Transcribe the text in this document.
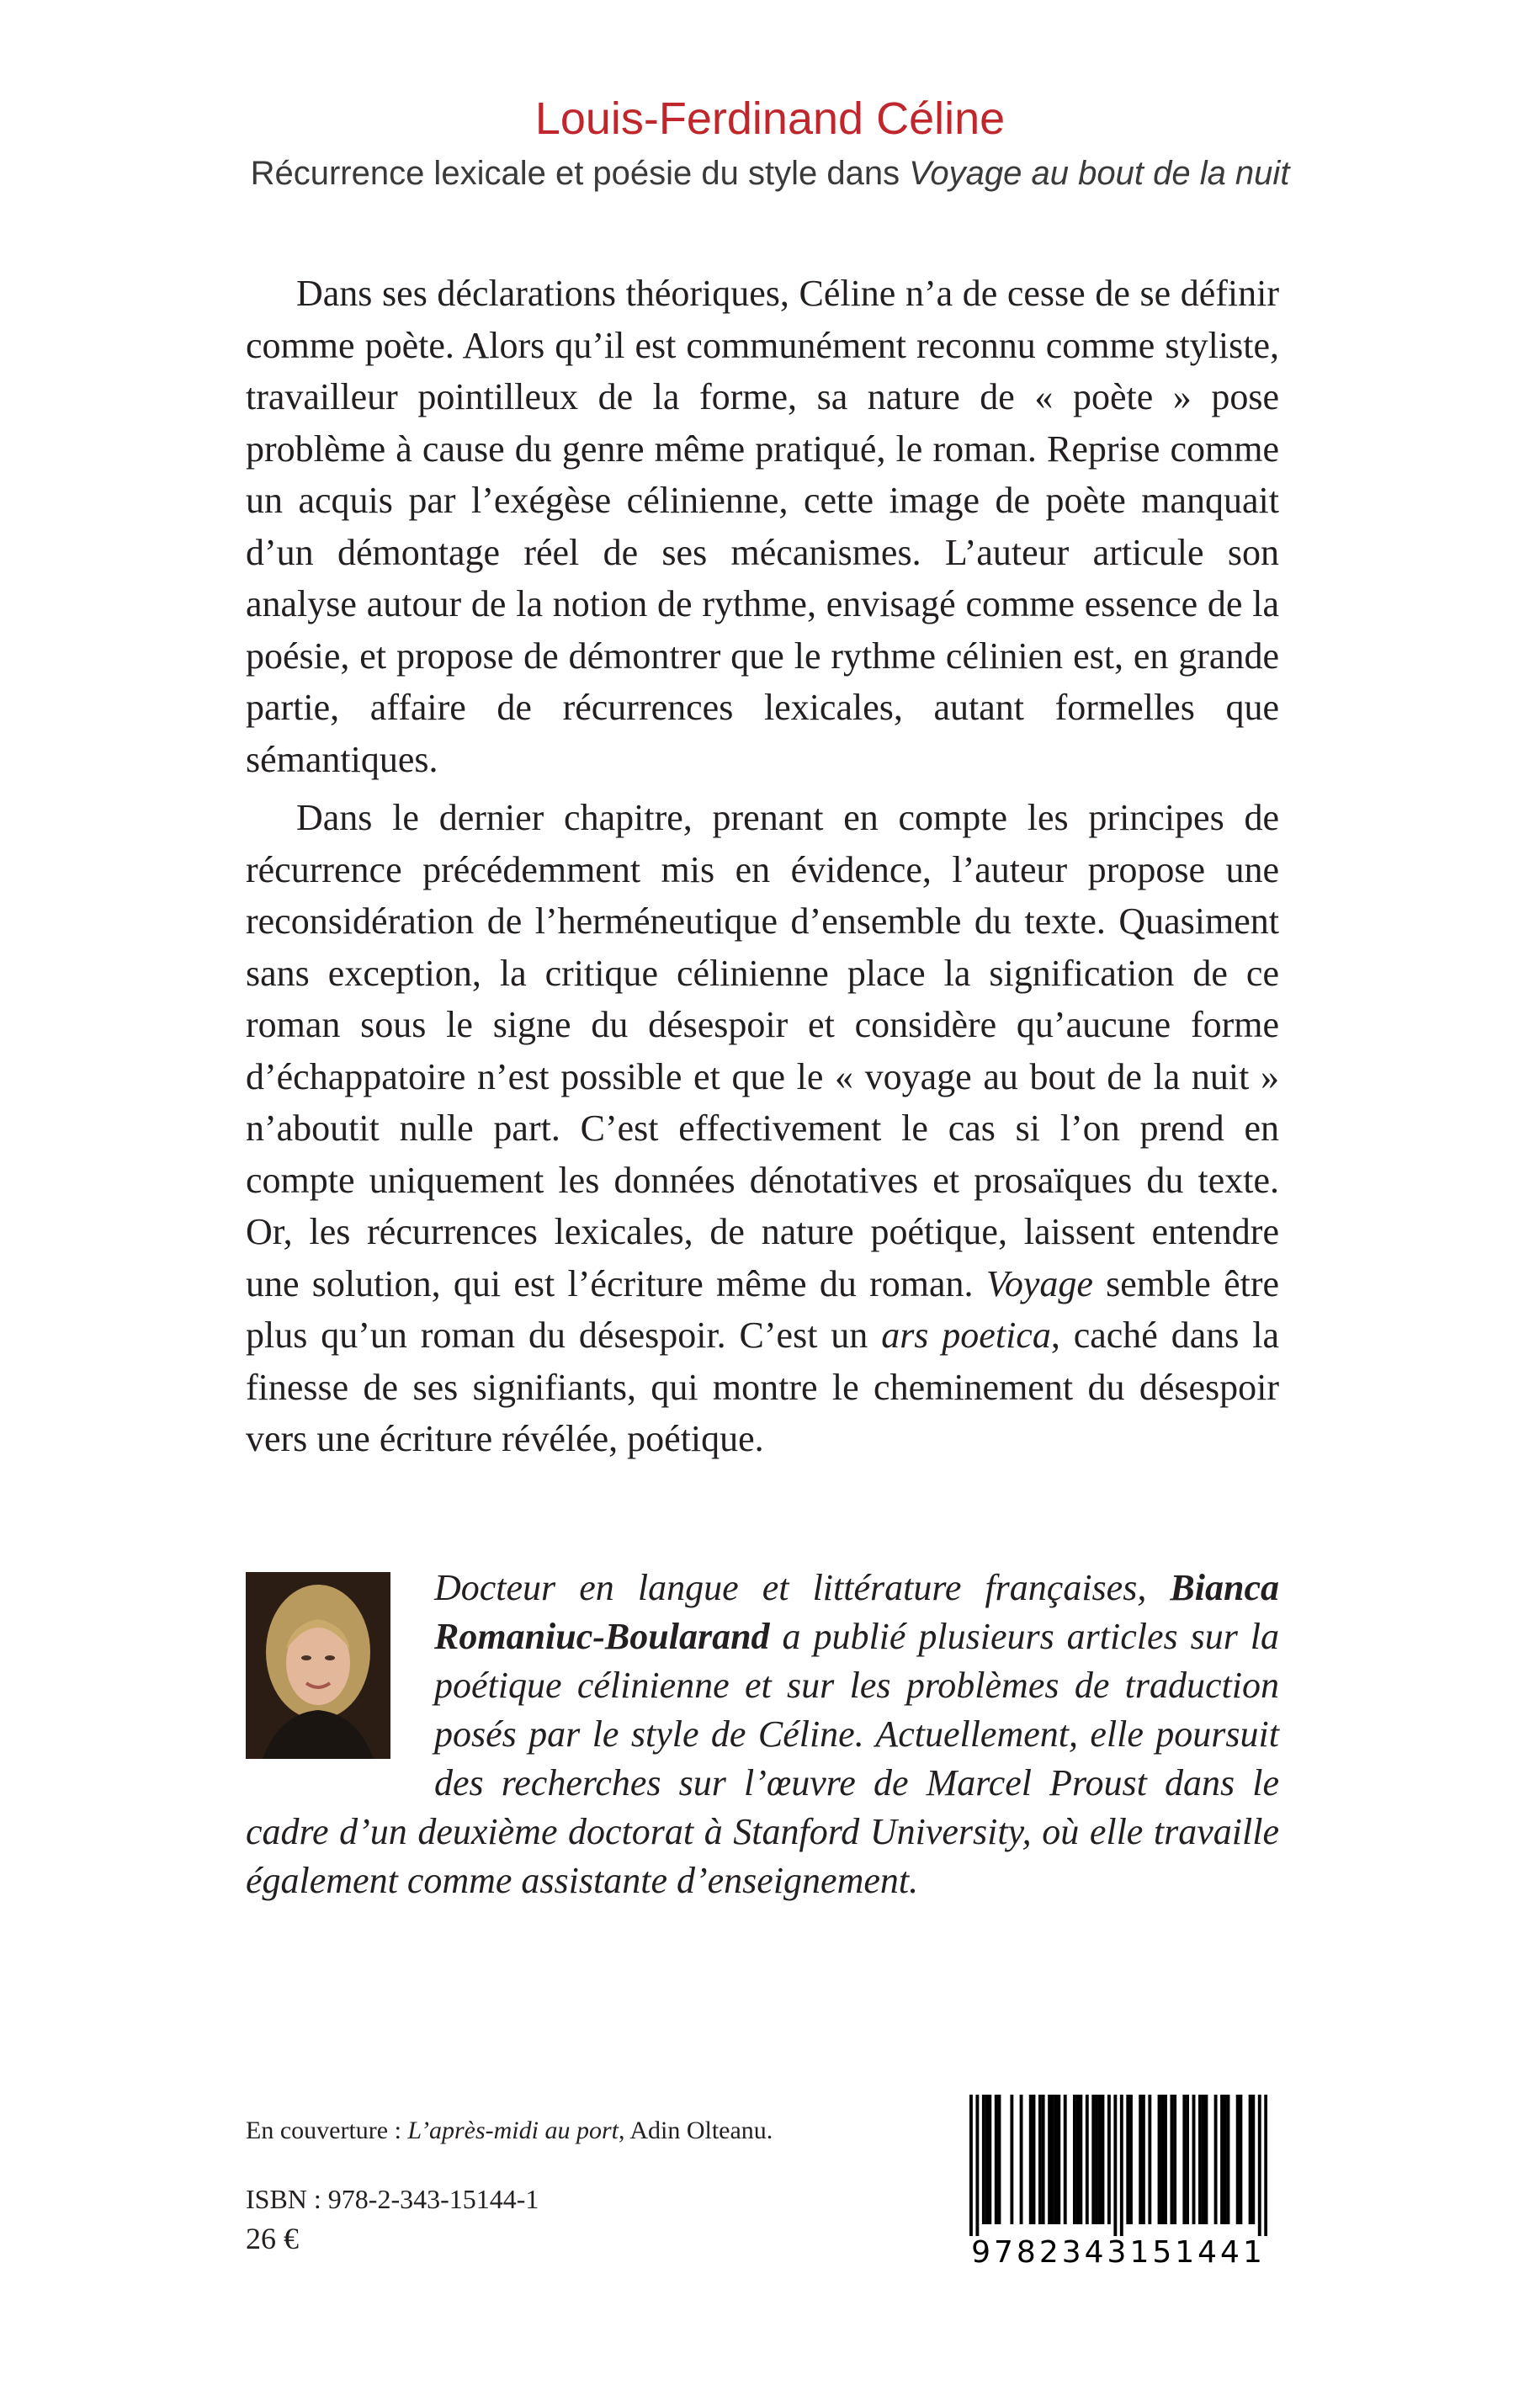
Louis-Ferdinand Céline
Récurrence lexicale et poésie du style dans Voyage au bout de la nuit

Dans ses déclarations théoriques, Céline n’a de cesse de se définir comme poète. Alors qu’il est communément reconnu comme styliste, travailleur pointilleux de la forme, sa nature de « poète » pose problème à cause du genre même pratiqué, le roman. Reprise comme un acquis par l’exégèse célinienne, cette image de poète manquait d’un démontage réel de ses mécanismes. L’auteur articule son analyse autour de la notion de rythme, envisagé comme essence de la poésie, et propose de démontrer que le rythme célinien est, en grande partie, affaire de récurrences lexicales, autant formelles que sémantiques.

Dans le dernier chapitre, prenant en compte les principes de récurrence précédemment mis en évidence, l’auteur propose une reconsidération de l’herméneutique d’ensemble du texte. Quasiment sans exception, la critique célinienne place la signification de ce roman sous le signe du désespoir et considère qu’aucune forme d’échappatoire n’est possible et que le « voyage au bout de la nuit » n’aboutit nulle part. C’est effectivement le cas si l’on prend en compte uniquement les données dénotatives et prosaïques du texte. Or, les récurrences lexicales, de nature poétique, laissent entendre une solution, qui est l’écriture même du roman. Voyage semble être plus qu’un roman du désespoir. C’est un ars poetica, caché dans la finesse de ses signifiants, qui montre le cheminement du désespoir vers une écriture révélée, poétique.

Docteur en langue et littérature françaises, Bianca Romaniuc-Boularand a publié plusieurs articles sur la poétique célinienne et sur les problèmes de traduction posés par le style de Céline. Actuellement, elle poursuit des recherches sur l’œuvre de Marcel Proust dans le cadre d’un deuxième doctorat à Stanford University, où elle travaille également comme assistante d’enseignement.
En couverture : L’après-midi au port, Adin Olteanu.
ISBN : 978-2-343-15144-1
26 €	9782343151441
